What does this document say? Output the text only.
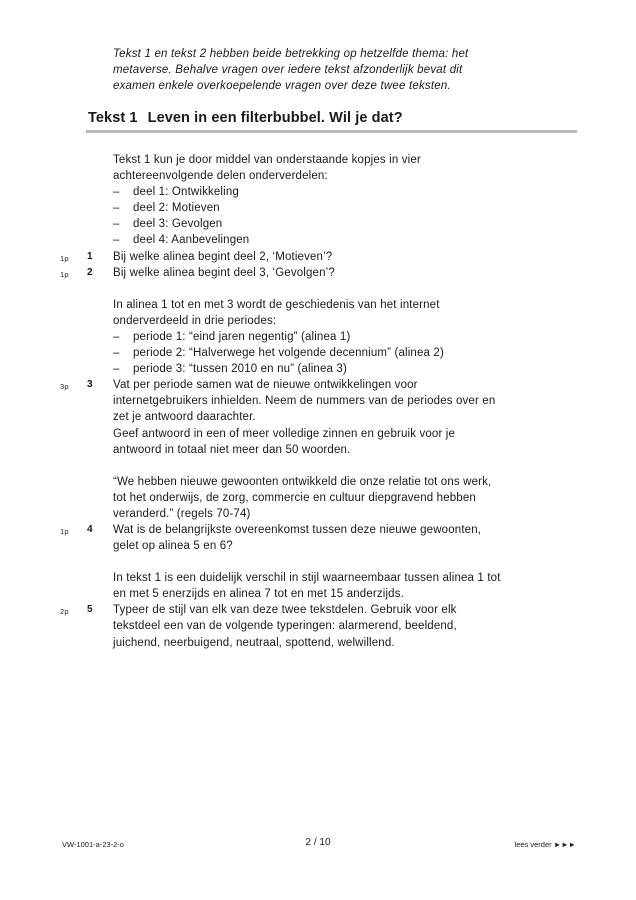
Tekst 1 en tekst 2 hebben beide betrekking op hetzelfde thema: het
metaverse. Behalve vragen over iedere tekst afzonderlijk bevat dit
examen enkele overkoepelende vragen over deze twee teksten.
Tekst 1 Leven in een filterbubbel. Wil je dat?
Tekst 1 kun je door middel van onderstaande kopjes in vier
achtereenvolgende delen onderverdelen:
– deel 1: Ontwikkeling
– deel 2: Motieven
– deel 3: Gevolgen
– deel 4: Aanbevelingen
1p 1 Bij welke alinea begint deel 2, ‘Motieven’?
1p 2 Bij welke alinea begint deel 3, ‘Gevolgen’?
In alinea 1 tot en met 3 wordt de geschiedenis van het internet
onderverdeeld in drie periodes:
– periode 1: “eind jaren negentig” (alinea 1)
– periode 2: “Halverwege het volgende decennium” (alinea 2)
– periode 3: “tussen 2010 en nu” (alinea 3)
3p 3 Vat per periode samen wat de nieuwe ontwikkelingen voor
internetgebruikers inhielden. Neem de nummers van de periodes over en
zet je antwoord daarachter.
Geef antwoord in een of meer volledige zinnen en gebruik voor je
antwoord in totaal niet meer dan 50 woorden.
“We hebben nieuwe gewoonten ontwikkeld die onze relatie tot ons werk,
tot het onderwijs, de zorg, commercie en cultuur diepgravend hebben
veranderd.” (regels 70-74)
1p 4 Wat is de belangrijkste overeenkomst tussen deze nieuwe gewoonten,
gelet op alinea 5 en 6?
In tekst 1 is een duidelijk verschil in stijl waarneembaar tussen alinea 1 tot
en met 5 enerzijds en alinea 7 tot en met 15 anderzijds.
2p 5 Typeer de stijl van elk van deze twee tekstdelen. Gebruik voor elk
tekstdeel een van de volgende typeringen: alarmerend, beeldend,
juichend, neerbuigend, neutraal, spottend, welwillend.
VW-1001-a-23-2-o	2 / 10	lees verder ►►►
